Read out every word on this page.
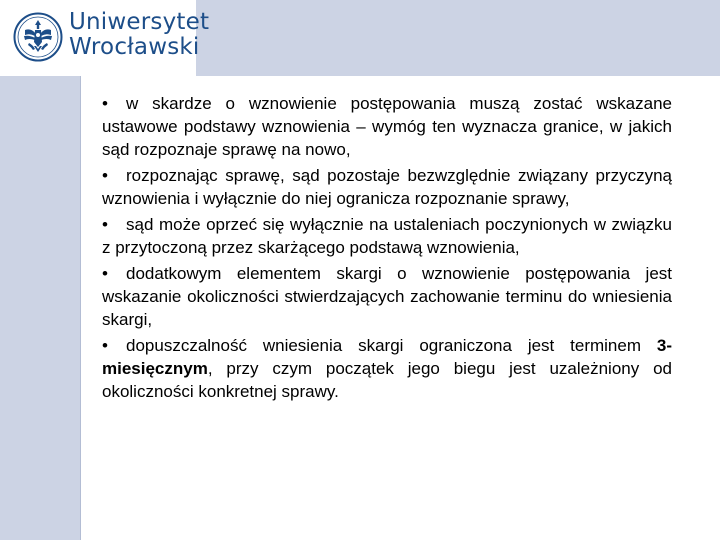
Uniwersytet
Wrocławski

• w skardze o wznowienie postępowania muszą zostać wskazane ustawowe podstawy wznowienia – wymóg ten wyznacza granice, w jakich sąd rozpoznaje sprawę na nowo,

• rozpoznając sprawę, sąd pozostaje bezwzględnie związany przyczyną wznowienia i wyłącznie do niej ogranicza rozpoznanie sprawy,

• sąd może oprzeć się wyłącznie na ustaleniach poczynionych w związku z przytoczoną przez skarżącego podstawą wznowienia,

• dodatkowym elementem skargi o wznowienie postępowania jest wskazanie okoliczności stwierdzających zachowanie terminu do wniesienia skargi,

• dopuszczalność wniesienia skargi ograniczona jest terminem 3-miesięcznym, przy czym początek jego biegu jest uzależniony od okoliczności konkretnej sprawy.
